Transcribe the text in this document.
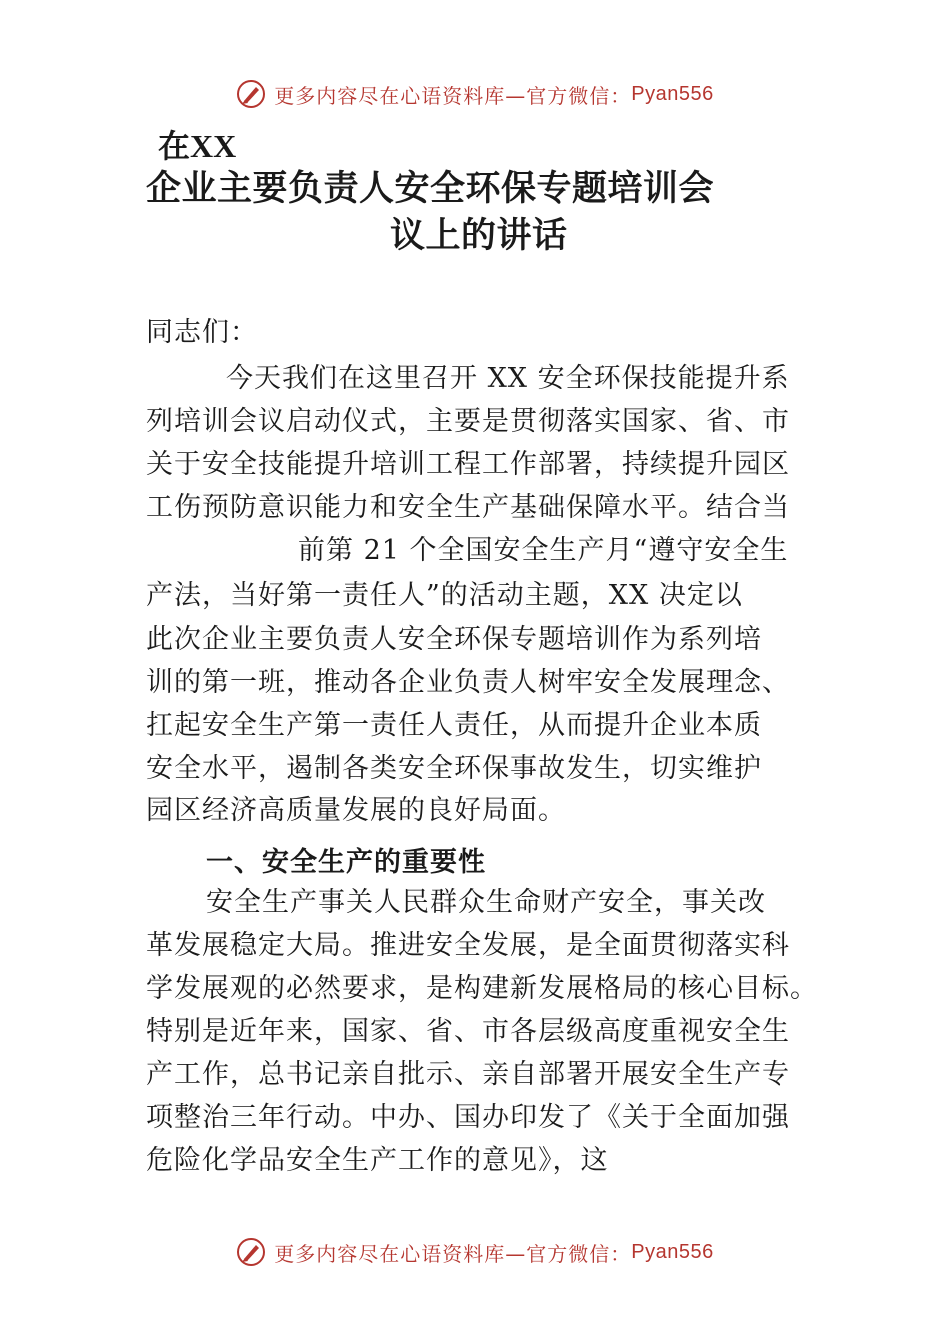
更多内容尽在心语资料库—官方微信： Pyan556
在XX
企业主要负责人安全环保专题培训会
议上的讲话
同志们：
今天我们在这里召开 XX 安全环保技能提升系
列培训会议启动仪式，主要是贯彻落实国家、省、市
关于安全技能提升培训工程工作部署，持续提升园区
工伤预防意识能力和安全生产基础保障水平。结合当
前第 21 个全国安全生产月“遵守安全生
产法，当好第一责任人”的活动主题，XX 决定以
此次企业主要负责人安全环保专题培训作为系列培
训的第一班，推动各企业负责人树牢安全发展理念、
扛起安全生产第一责任人责任，从而提升企业本质
安全水平，遏制各类安全环保事故发生，切实维护
园区经济高质量发展的良好局面。
一、安全生产的重要性
安全生产事关人民群众生命财产安全，事关改
革发展稳定大局。推进安全发展，是全面贯彻落实科
学发展观的必然要求，是构建新发展格局的核心目标。
特别是近年来，国家、省、市各层级高度重视安全生
产工作，总书记亲自批示、亲自部署开展安全生产专
项整治三年行动。中办、国办印发了《关于全面加强
危险化学品安全生产工作的意见》，这
更多内容尽在心语资料库—官方微信： Pyan556
